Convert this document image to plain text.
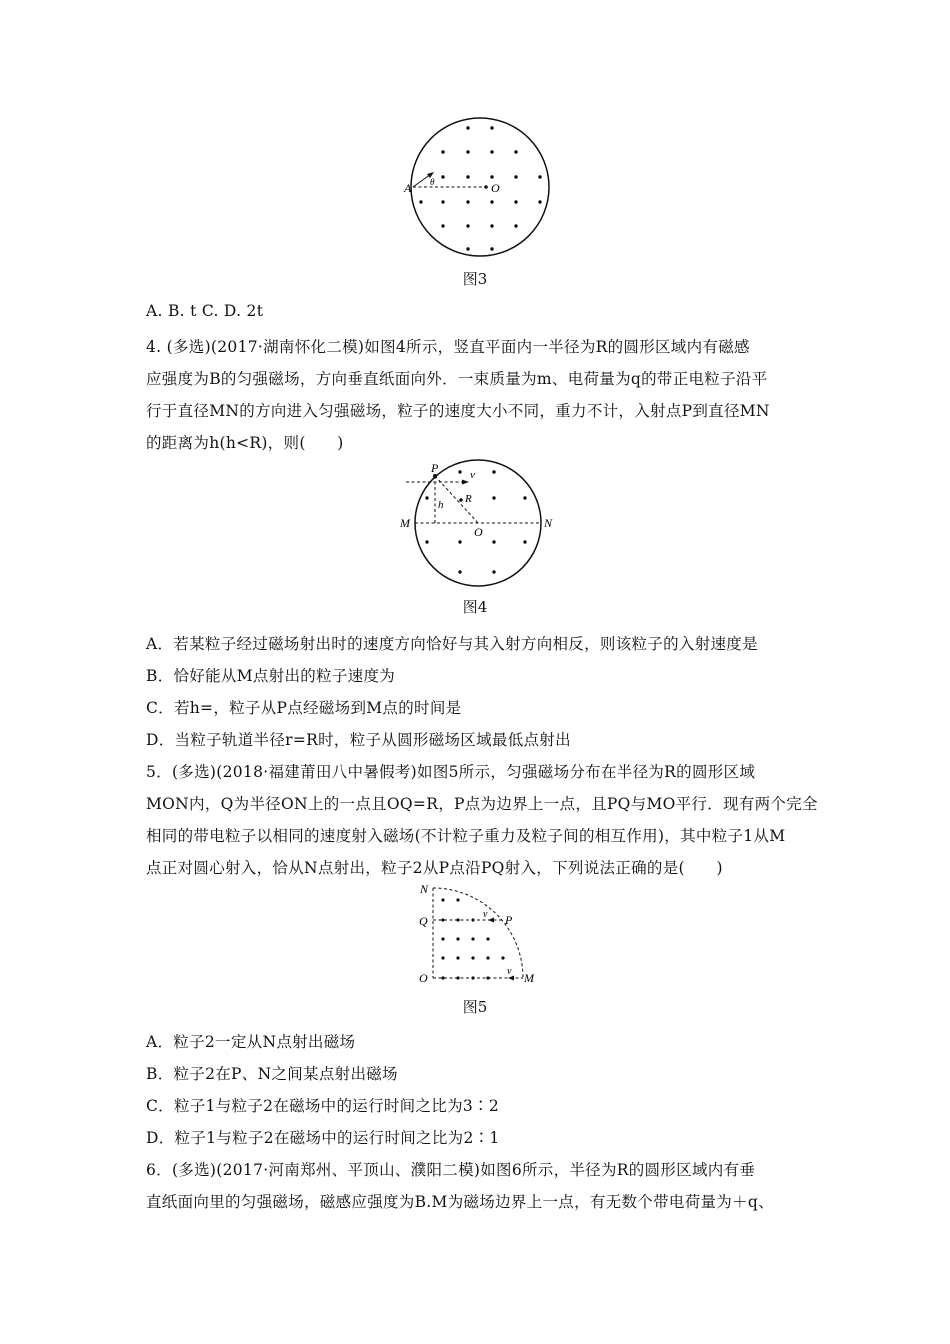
A	O
θ
图3
P	v
R
h
M	N
O
图4
N
Q	P
v
O	v M
图5
A. B. t C. D. 2t
4. (多选)(2017·湖南怀化二模)如图4所示，竖直平面内一半径为R的圆形区域内有磁感
应强度为B的匀强磁场，方向垂直纸面向外．一束质量为m、电荷量为q的带正电粒子沿平
行于直径MN的方向进入匀强磁场，粒子的速度大小不同，重力不计，入射点P到直径MN
的距离为h(h<R)，则(　　)
A．若某粒子经过磁场射出时的速度方向恰好与其入射方向相反，则该粒子的入射速度是
B．恰好能从M点射出的粒子速度为
C．若h=，粒子从P点经磁场到M点的时间是
D．当粒子轨道半径r=R时，粒子从圆形磁场区域最低点射出
5．(多选)(2018·福建莆田八中暑假考)如图5所示，匀强磁场分布在半径为R的圆形区域
MON内，Q为半径ON上的一点且OQ=R，P点为边界上一点，且PQ与MO平行．现有两个完全
相同的带电粒子以相同的速度射入磁场(不计粒子重力及粒子间的相互作用)，其中粒子1从M
点正对圆心射入，恰从N点射出，粒子2从P点沿PQ射入，下列说法正确的是(　　)
A．粒子2一定从N点射出磁场
B．粒子2在P、N之间某点射出磁场
C．粒子1与粒子2在磁场中的运行时间之比为3∶2
D．粒子1与粒子2在磁场中的运行时间之比为2∶1
6．(多选)(2017·河南郑州、平顶山、濮阳二模)如图6所示，半径为R的圆形区域内有垂
直纸面向里的匀强磁场，磁感应强度为B.M为磁场边界上一点，有无数个带电荷量为＋q、
